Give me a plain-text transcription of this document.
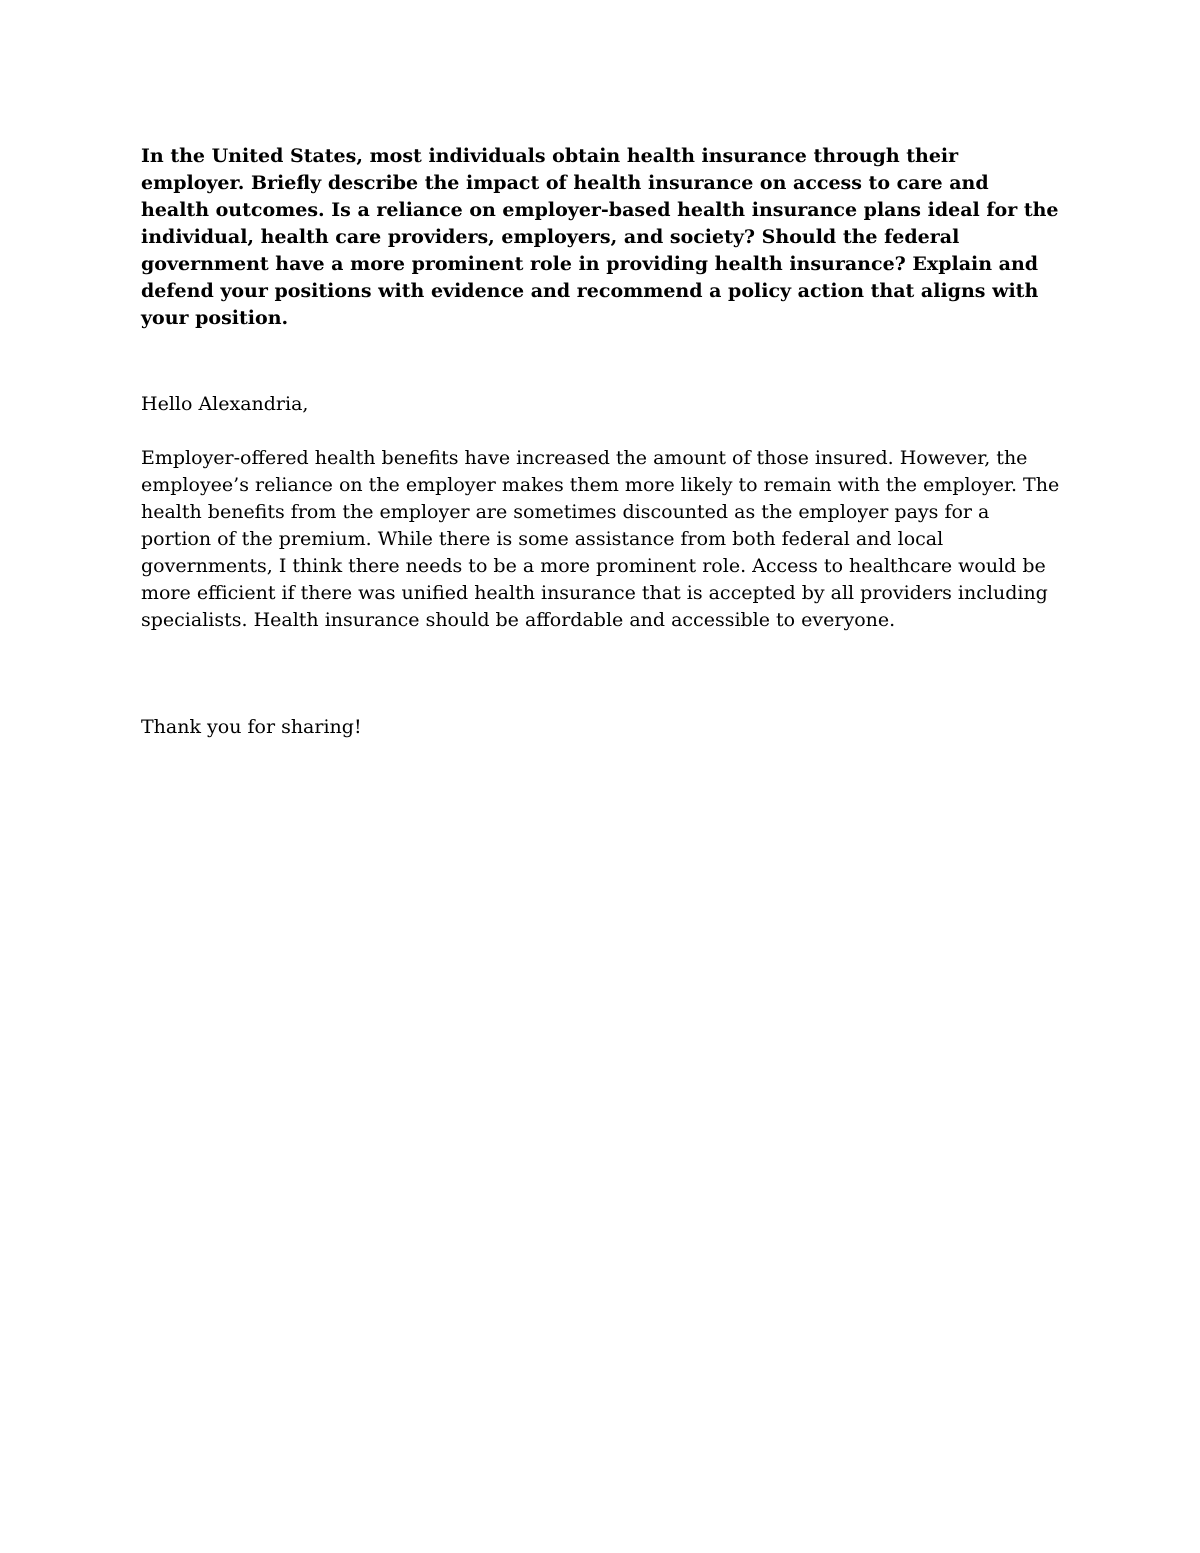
In the United States, most individuals obtain health insurance through their employer. Briefly describe the impact of health insurance on access to care and health outcomes. Is a reliance on employer-based health insurance plans ideal for the individual, health care providers, employers, and society? Should the federal government have a more prominent role in providing health insurance? Explain and defend your positions with evidence and recommend a policy action that aligns with your position.

Hello Alexandria,

Employer-offered health benefits have increased the amount of those insured. However, the employee’s reliance on the employer makes them more likely to remain with the employer. The health benefits from the employer are sometimes discounted as the employer pays for a portion of the premium. While there is some assistance from both federal and local governments, I think there needs to be a more prominent role. Access to healthcare would be more efficient if there was unified health insurance that is accepted by all providers including specialists. Health insurance should be affordable and accessible to everyone.

Thank you for sharing!
